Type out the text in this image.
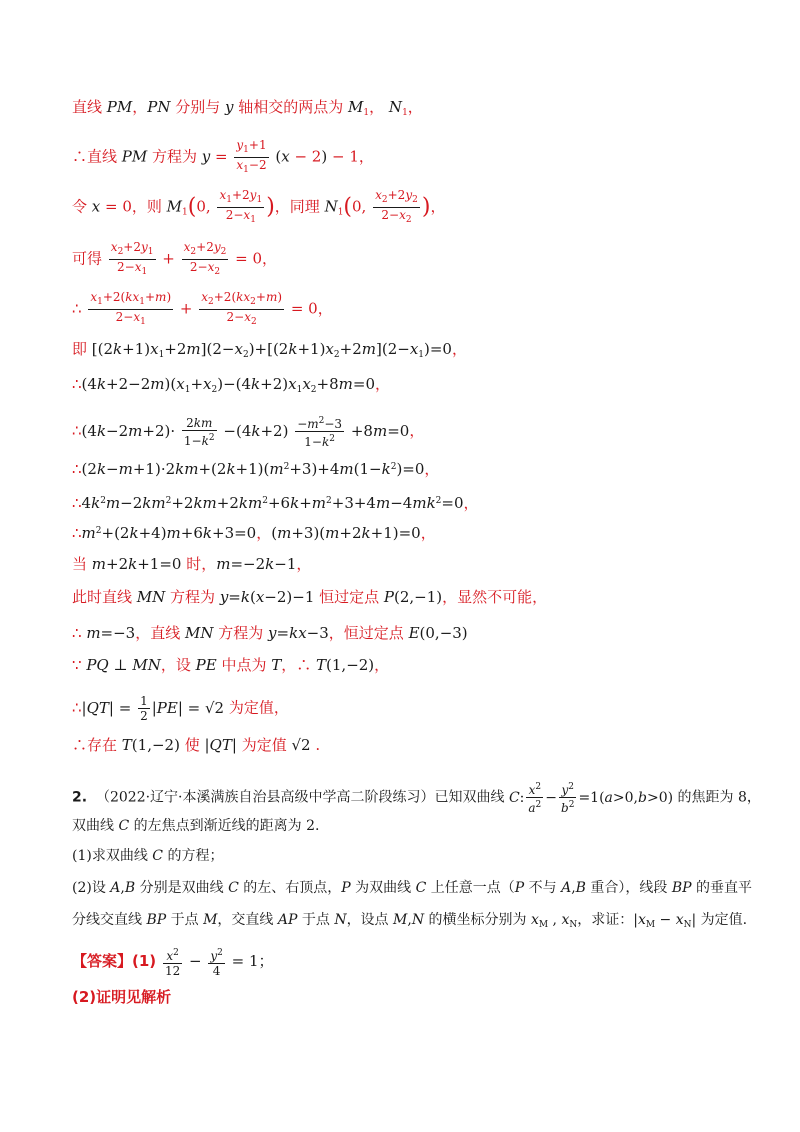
直线 PM，PN 分别与 y 轴相交的两点为 $M_1$， $N_1$，
∴直线 PM 方程为 $y = \frac{y_1+1}{x_1-2} (x - 2) - 1$，
令 x = 0，则 $M_1(0$, $\frac{x_1+2y_1}{2-x_1}$ )，同理 $N_1(0$, $\frac{x_2+2y_2}{2-x_2}$ )，
可得 $\frac{x_2+2y_1}{2-x_1} + \frac{x_2+2y_2}{2-x_2} = 0$，
∴ $\frac{x_1+2(kx_1+m)}{2-x_1} + \frac{x_2+2(kx_2+m)}{2-x_2} = 0$，
即 $[(2k+1)x_1+2m](2-x_2)+[(2k+1)x_2+2m](2-x_1)=0$，
$\therefore(4k+2-2m)(x_1+x_2)-(4k+2)x_1x_2+8m=0$，
∴(4k−2m+2)· $\frac{2km}{1-k^2} -(4k+2) \frac{-m^2-3}{1-k^2} +8m=0$，
$\therefore(2k-m+1)\cdot 2km+(2k+1)(m^2+3)+4m(1-k^2)=0$，
$\therefore 4k^2m-2km^2+2km+2km^2+6k+m^2+3+4m-4mk^2=0$，
$\therefore m^2+(2k+4)m+6k+3=0$，(m+3)(m+2k+1)=0，
当 m+2k+1=0 时，m=−2k−1，
此时直线 MN 方程为 y=k(x−2)−1 恒过定点 P(2,−1)，显然不可能，
∴ m=−3，直线 MN 方程为 y=kx−3，恒过定点 E(0,−3)
∵ PQ ⊥ MN，设 PE 中点为 T，∴ T(1,−2)，
∴|QT| = $\frac{1}{2} |PE| = √2$ 为定值，
∴存在 T(1,−2) 使 |QT| 为定值 √2 .
2. （2022·辽宁·本溪满族自治县高级中学高二阶段练习）已知双曲线 C: $\frac{x^2}{a^2} - \frac{y^2}{b^2} =1(a>0,b>0)$ 的焦距为 8，
双曲线 C 的左焦点到渐近线的距离为 2.
(1)求双曲线 C 的方程；
(2)设 A,B 分别是双曲线 C 的左、右顶点，P 为双曲线 C 上任意一点（P 不与 A,B 重合），线段 BP 的垂直平
分线交直线 BP 于点 M，交直线 AP 于点 N，设点 M,N 的横坐标分别为 $x_M$ , $x_N$，求证：$|x_M - x_N|$ 为定值.
【答案】$(1) \frac{x^2}{12} - \frac{y^2}{4} = 1$；
(2)证明见解析
